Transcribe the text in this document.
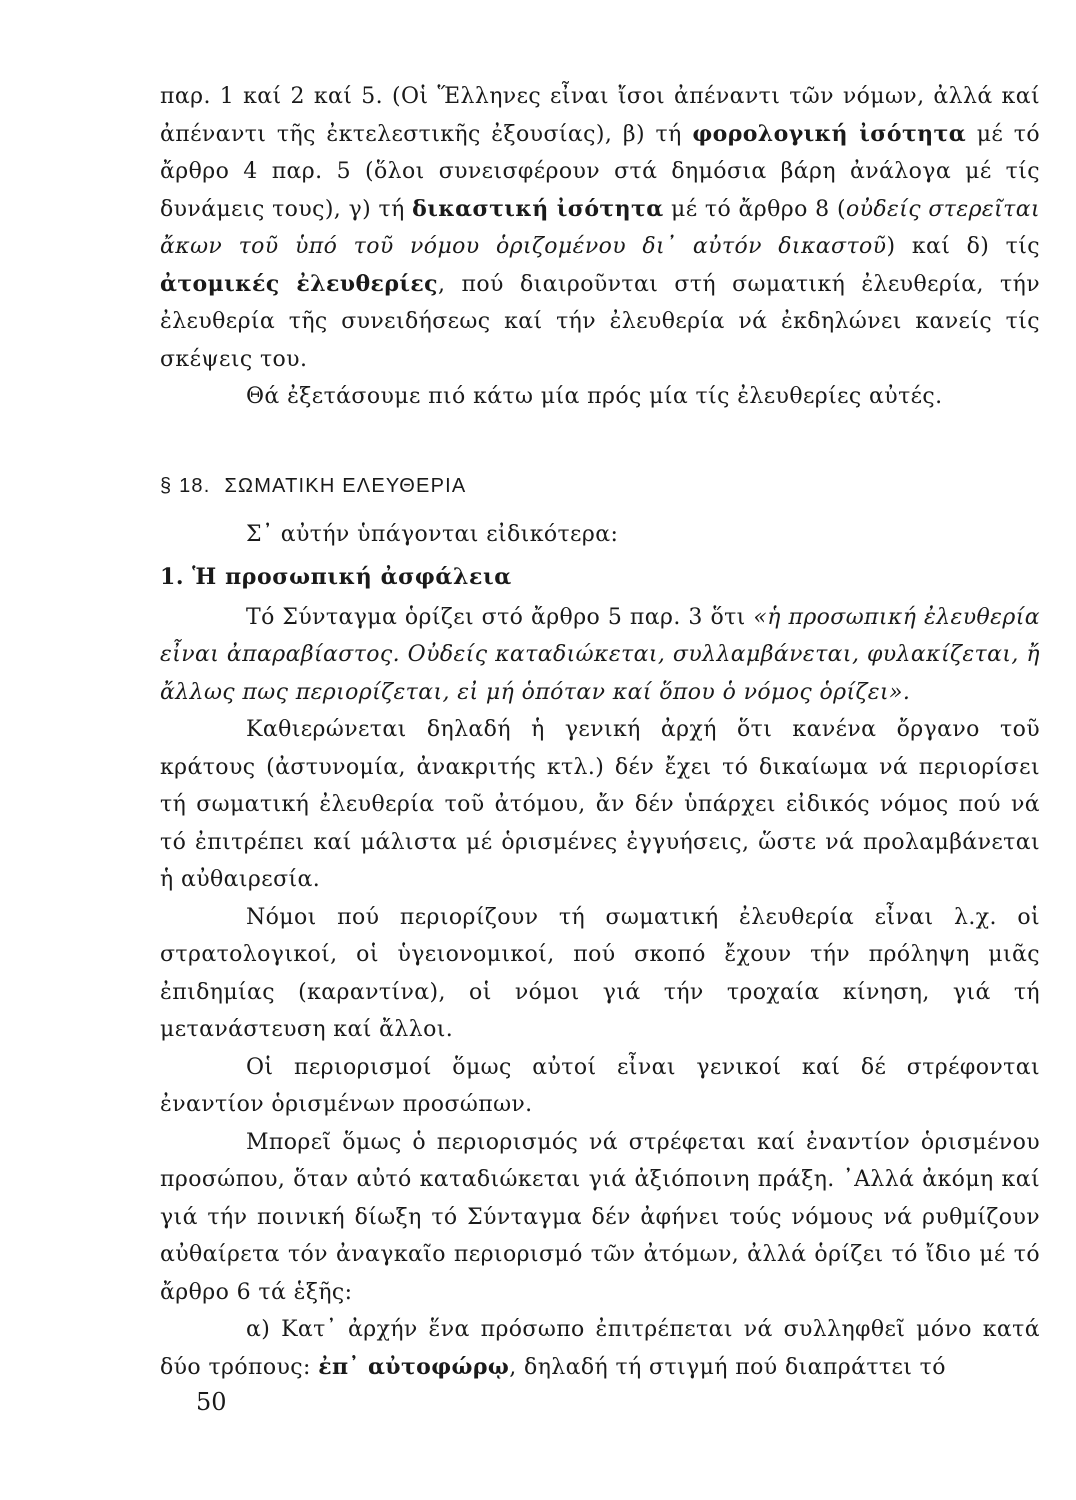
παρ. 1 καί 2 καί 5. (Οἱ Ἕλληνες εἶναι ἴσοι ἀπέναντι τῶν νόμων, ἀλλά καί ἀπέναντι τῆς ἐκτελεστικῆς ἐξουσίας), β) τή φορολογική ἰσότητα μέ τό ἄρθρο 4 παρ. 5 (ὅλοι συνεισφέρουν στά δημόσια βάρη ἀνάλογα μέ τίς δυνάμεις τους), γ) τή δικαστική ἰσότητα μέ τό ἄρθρο 8 (οὐδείς στερεῖται ἄκων τοῦ ὑπό τοῦ νόμου ὁριζομένου δι᾽ αὐτόν δικαστοῦ) καί δ) τίς ἀτομικές ἐλευθερίες, πού διαιροῦνται στή σωματική ἐλευθερία, τήν ἐλευθερία τῆς συνειδήσεως καί τήν ἐλευθερία νά ἐκδηλώνει κανείς τίς σκέψεις του.

Θά ἐξετάσουμε πιό κάτω μία πρός μία τίς ἐλευθερίες αὐτές.

§ 18. ΣΩΜΑΤΙΚΗ ΕΛΕΥΘΕΡΙΑ

Σ᾽ αὐτήν ὑπάγονται εἰδικότερα:

1. Ἡ προσωπική ἀσφάλεια

Τό Σύνταγμα ὁρίζει στό ἄρθρο 5 παρ. 3 ὅτι «ἡ προσωπική ἐλευθερία εἶναι ἀπαραβίαστος. Οὐδείς καταδιώκεται, συλλαμβάνεται, φυλακίζεται, ἤ ἄλλως πως περιορίζεται, εἰ μή ὁπόταν καί ὅπου ὁ νόμος ὁρίζει».

Καθιερώνεται δηλαδή ἡ γενική ἀρχή ὅτι κανένα ὄργανο τοῦ κράτους (ἀστυνομία, ἀνακριτής κτλ.) δέν ἔχει τό δικαίωμα νά περιορίσει τή σωματική ἐλευθερία τοῦ ἀτόμου, ἄν δέν ὑπάρχει εἰδικός νόμος πού νά τό ἐπιτρέπει καί μάλιστα μέ ὁρισμένες ἐγγυήσεις, ὥστε νά προλαμβάνεται ἡ αὐθαιρεσία.

Νόμοι πού περιορίζουν τή σωματική ἐλευθερία εἶναι λ.χ. οἱ στρατολογικοί, οἱ ὑγειονομικοί, πού σκοπό ἔχουν τήν πρόληψη μιᾶς ἐπιδημίας (καραντίνα), οἱ νόμοι γιά τήν τροχαία κίνηση, γιά τή μετανάστευση καί ἄλλοι.

Οἱ περιορισμοί ὅμως αὐτοί εἶναι γενικοί καί δέ στρέφονται ἐναντίον ὁρισμένων προσώπων.

Μπορεῖ ὅμως ὁ περιορισμός νά στρέφεται καί ἐναντίον ὁρισμένου προσώπου, ὅταν αὐτό καταδιώκεται γιά ἀξιόποινη πράξη. ᾽Αλλά ἀκόμη καί γιά τήν ποινική δίωξη τό Σύνταγμα δέν ἀφήνει τούς νόμους νά ρυθμίζουν αὐθαίρετα τόν ἀναγκαῖο περιορισμό τῶν ἀτόμων, ἀλλά ὁρίζει τό ἴδιο μέ τό ἄρθρο 6 τά ἑξῆς:

α) Κατ᾽ ἀρχήν ἕνα πρόσωπο ἐπιτρέπεται νά συλληφθεῖ μόνο κατά δύο τρόπους: ἐπ᾽ αὐτοφώρῳ, δηλαδή τή στιγμή πού διαπράττει τό

50
